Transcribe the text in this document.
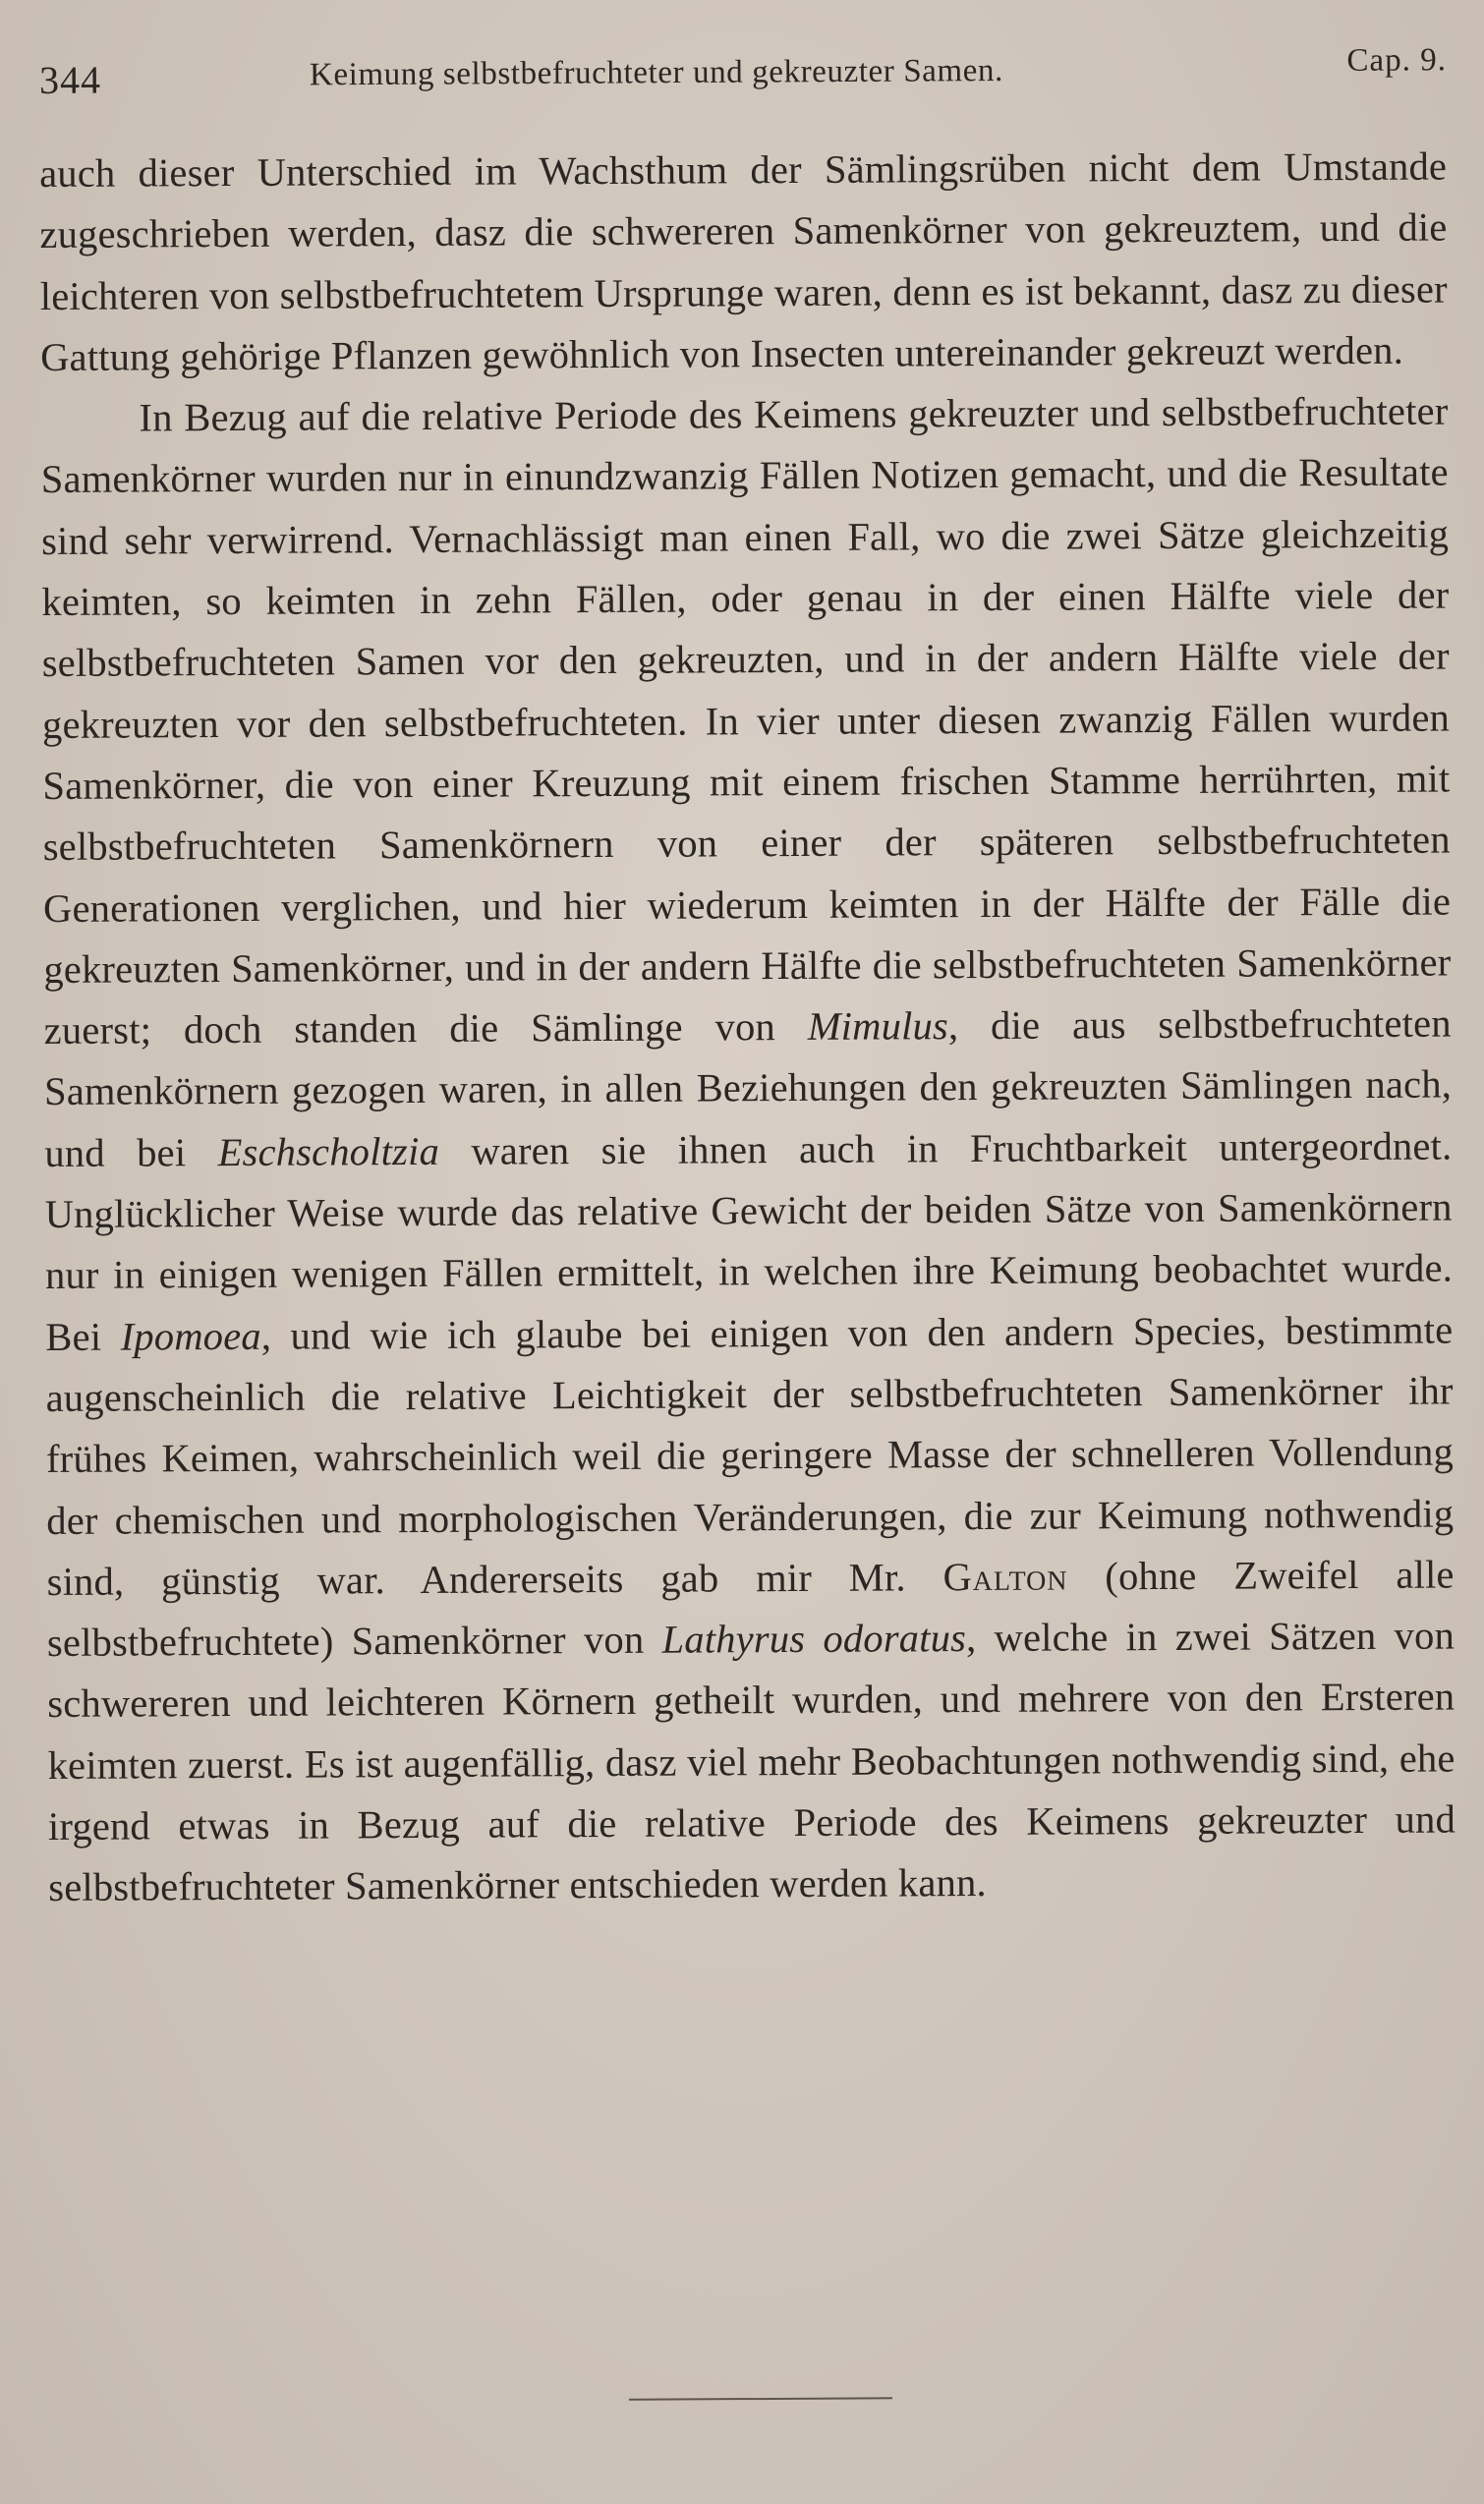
344	Keimung selbstbefruchteter und gekreuzter Samen.	Cap. 9.

auch dieser Unterschied im Wachsthum der Sämlingsrüben nicht dem Umstande zugeschrieben werden, dasz die schwereren Samenkörner von gekreuztem, und die leichteren von selbstbefruchtetem Ursprunge waren, denn es ist bekannt, dasz zu dieser Gattung gehörige Pflanzen gewöhnlich von Insecten untereinander gekreuzt werden.

In Bezug auf die relative Periode des Keimens gekreuzter und selbstbefruchteter Samenkörner wurden nur in einundzwanzig Fällen Notizen gemacht, und die Resultate sind sehr verwirrend. Vernachlässigt man einen Fall, wo die zwei Sätze gleichzeitig keimten, so keimten in zehn Fällen, oder genau in der einen Hälfte viele der selbstbefruchteten Samen vor den gekreuzten, und in der andern Hälfte viele der gekreuzten vor den selbstbefruchteten. In vier unter diesen zwanzig Fällen wurden Samenkörner, die von einer Kreuzung mit einem frischen Stamme herrührten, mit selbstbefruchteten Samenkörnern von einer der späteren selbstbefruchteten Generationen verglichen, und hier wiederum keimten in der Hälfte der Fälle die gekreuzten Samenkörner, und in der andern Hälfte die selbstbefruchteten Samenkörner zuerst; doch standen die Sämlinge von Mimulus, die aus selbstbefruchteten Samenkörnern gezogen waren, in allen Beziehungen den gekreuzten Sämlingen nach, und bei Eschscholtzia waren sie ihnen auch in Fruchtbarkeit untergeordnet. Unglücklicher Weise wurde das relative Gewicht der beiden Sätze von Samenkörnern nur in einigen wenigen Fällen ermittelt, in welchen ihre Keimung beobachtet wurde. Bei Ipomoea, und wie ich glaube bei einigen von den andern Species, bestimmte augenscheinlich die relative Leichtigkeit der selbstbefruchteten Samenkörner ihr frühes Keimen, wahrscheinlich weil die geringere Masse der schnelleren Vollendung der chemischen und morphologischen Veränderungen, die zur Keimung nothwendig sind, günstig war. Andererseits gab mir Mr. Galton (ohne Zweifel alle selbstbefruchtete) Samenkörner von Lathyrus odoratus, welche in zwei Sätzen von schwereren und leichteren Körnern getheilt wurden, und mehrere von den Ersteren keimten zuerst. Es ist augenfällig, dasz viel mehr Beobachtungen nothwendig sind, ehe irgend etwas in Bezug auf die relative Periode des Keimens gekreuzter und selbstbefruchteter Samenkörner entschieden werden kann.
